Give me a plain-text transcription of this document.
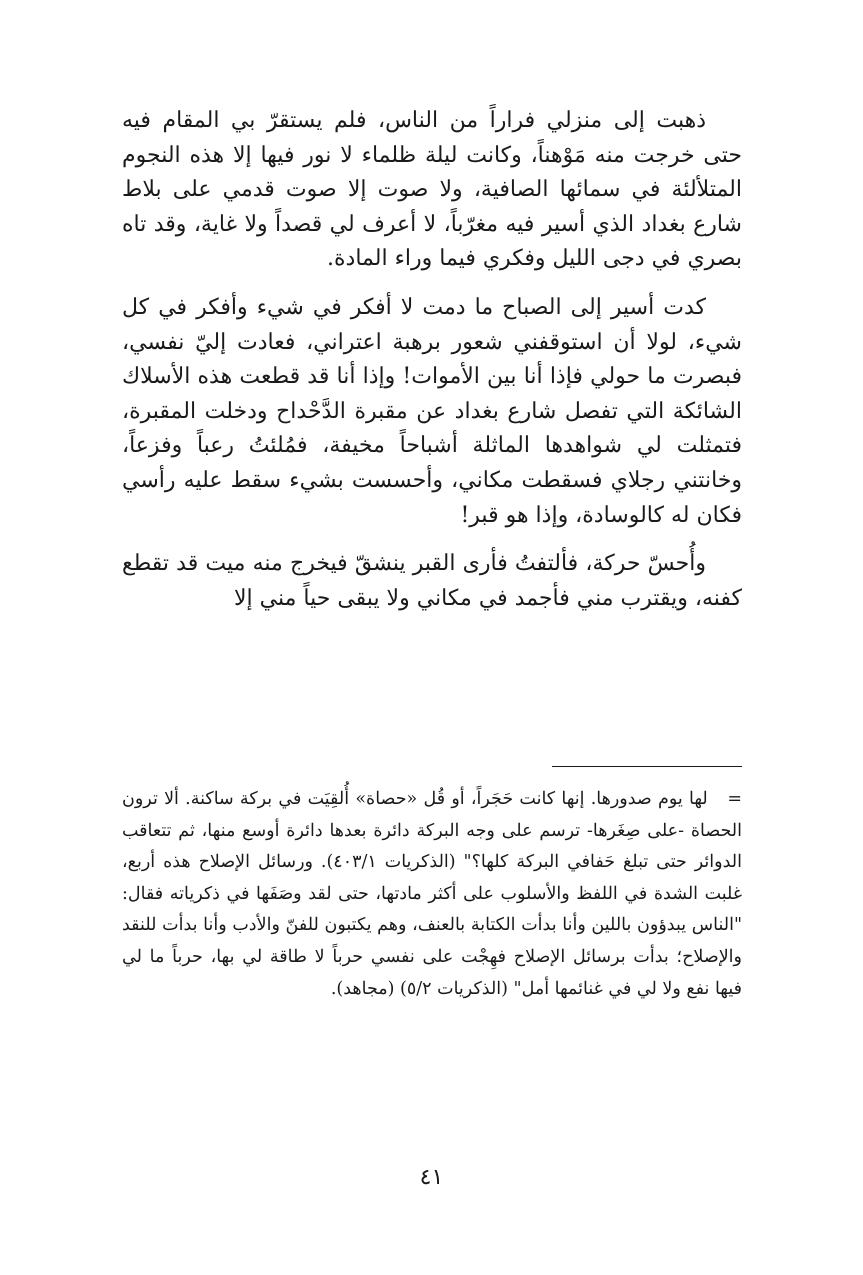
ذهبت إلى منزلي فراراً من الناس، فلم يستقرّ بي المقام فيه حتى خرجت منه مَوْهناً، وكانت ليلة ظلماء لا نور فيها إلا هذه النجوم المتلألئة في سمائها الصافية، ولا صوت إلا صوت قدمي على بلاط شارع بغداد الذي أسير فيه مغرّباً، لا أعرف لي قصداً ولا غاية، وقد تاه بصري في دجى الليل وفكري فيما وراء المادة.

كدت أسير إلى الصباح ما دمت لا أفكر في شيء وأفكر في كل شيء، لولا أن استوقفني شعور برهبة اعتراني، فعادت إليّ نفسي، فبصرت ما حولي فإذا أنا بين الأموات! وإذا أنا قد قطعت هذه الأسلاك الشائكة التي تفصل شارع بغداد عن مقبرة الدَّحْداح ودخلت المقبرة، فتمثلت لي شواهدها الماثلة أشباحاً مخيفة، فمُلئتُ رعباً وفزعاً، وخانتني رجلاي فسقطت مكاني، وأحسست بشيء سقط عليه رأسي فكان له كالوسادة، وإذا هو قبر!

وأُحسّ حركة، فألتفتُ فأرى القبر ينشقّ فيخرج منه ميت قد تقطع كفنه، ويقترب مني فأجمد في مكاني ولا يبقى حياً مني إلا

= لها يوم صدورها. إنها كانت حَجَراً، أو قُل «حصاة» أُلقِيَت في بركة ساكنة. ألا ترون الحصاة -على صِغَرها- ترسم على وجه البركة دائرة بعدها دائرة أوسع منها، ثم تتعاقب الدوائر حتى تبلغ حَفافي البركة كلها؟" (الذكريات ٤٠٣/١). ورسائل الإصلاح هذه أربع، غلبت الشدة في اللفظ والأسلوب على أكثر مادتها، حتى لقد وصَفَها في ذكرياته فقال: "الناس يبدؤون باللين وأنا بدأت الكتابة بالعنف، وهم يكتبون للفنّ والأدب وأنا بدأت للنقد والإصلاح؛ بدأت برسائل الإصلاح فهِجْت على نفسي حرباً لا طاقة لي بها، حرباً ما لي فيها نفع ولا لي في غنائمها أمل" (الذكريات ٥/٢) (مجاهد).
٤١
